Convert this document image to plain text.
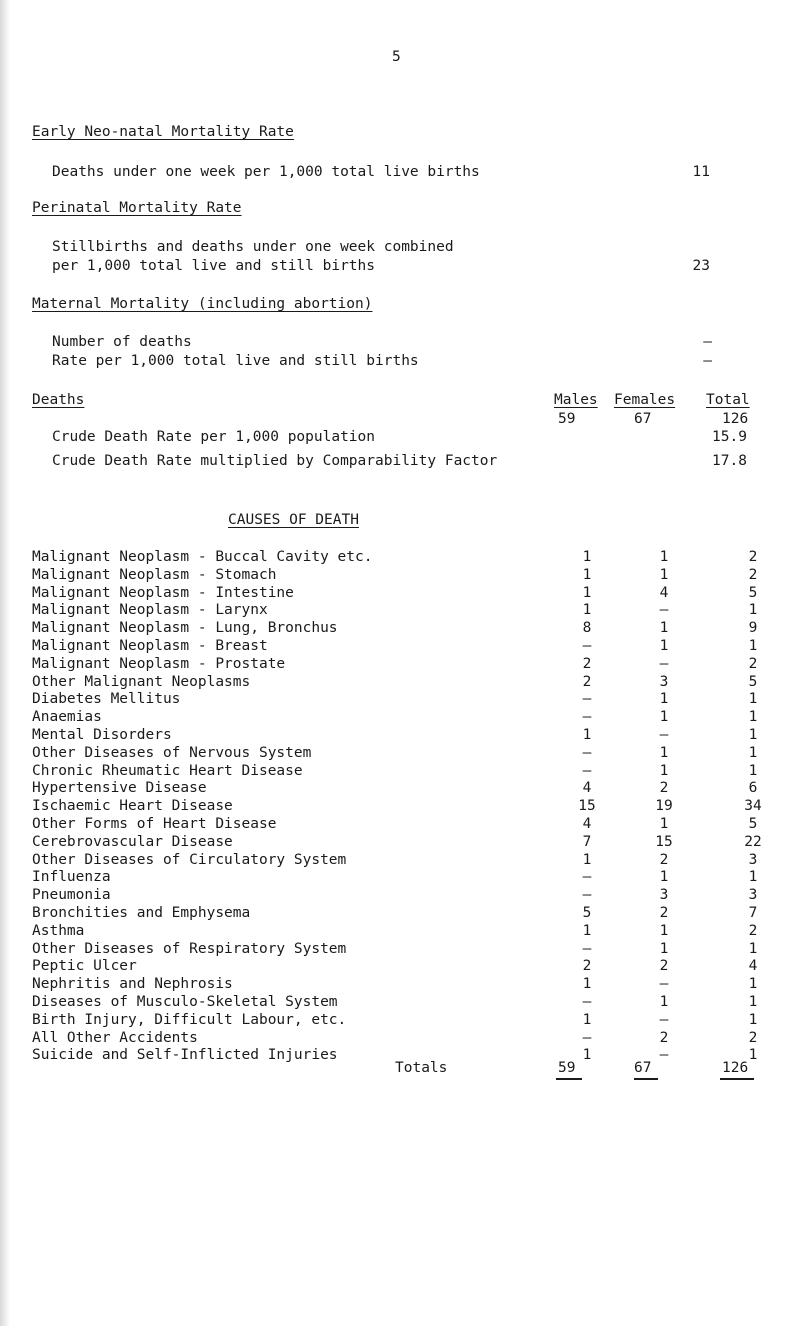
5
Early Neo-natal Mortality Rate
Deaths under one week per 1,000 total live births	11
Perinatal Mortality Rate
Stillbirths and deaths under one week combined
per 1,000 total live and still births	23
Maternal Mortality (including abortion)
Number of deaths	–
Rate per 1,000 total live and still births	–
Deaths	Males Females Total
59	67	126
Crude Death Rate per 1,000 population	15.9
Crude Death Rate multiplied by Comparability Factor	17.8
CAUSES OF DEATH
Malignant Neoplasm - Buccal Cavity etc.	1	1	2
Malignant Neoplasm - Stomach	1	1	2
Malignant Neoplasm - Intestine	1	4	5
Malignant Neoplasm - Larynx	1	–	1
Malignant Neoplasm - Lung, Bronchus	8	1	9
Malignant Neoplasm - Breast	–	1	1
Malignant Neoplasm - Prostate	2	–	2
Other Malignant Neoplasms	2	3	5
Diabetes Mellitus	–	1	1
Anaemias	–	1	1
Mental Disorders	1	–	1
Other Diseases of Nervous System	–	1	1
Chronic Rheumatic Heart Disease	–	1	1
Hypertensive Disease	4	2	6
Ischaemic Heart Disease	15	19	34
Other Forms of Heart Disease	4	1	5
Cerebrovascular Disease	7	15	22
Other Diseases of Circulatory System	1	2	3
Influenza	–	1	1
Pneumonia	–	3	3
Bronchities and Emphysema	5	2	7
Asthma	1	1	2
Other Diseases of Respiratory System	–	1	1
Peptic Ulcer	2	2	4
Nephritis and Nephrosis	1	–	1
Diseases of Musculo-Skeletal System	–	1	1
Birth Injury, Difficult Labour, etc.	1	–	1
All Other Accidents	–	2	2
Suicide and Self-Inflicted Injuries	1	–	1
Totals	59	67	126
